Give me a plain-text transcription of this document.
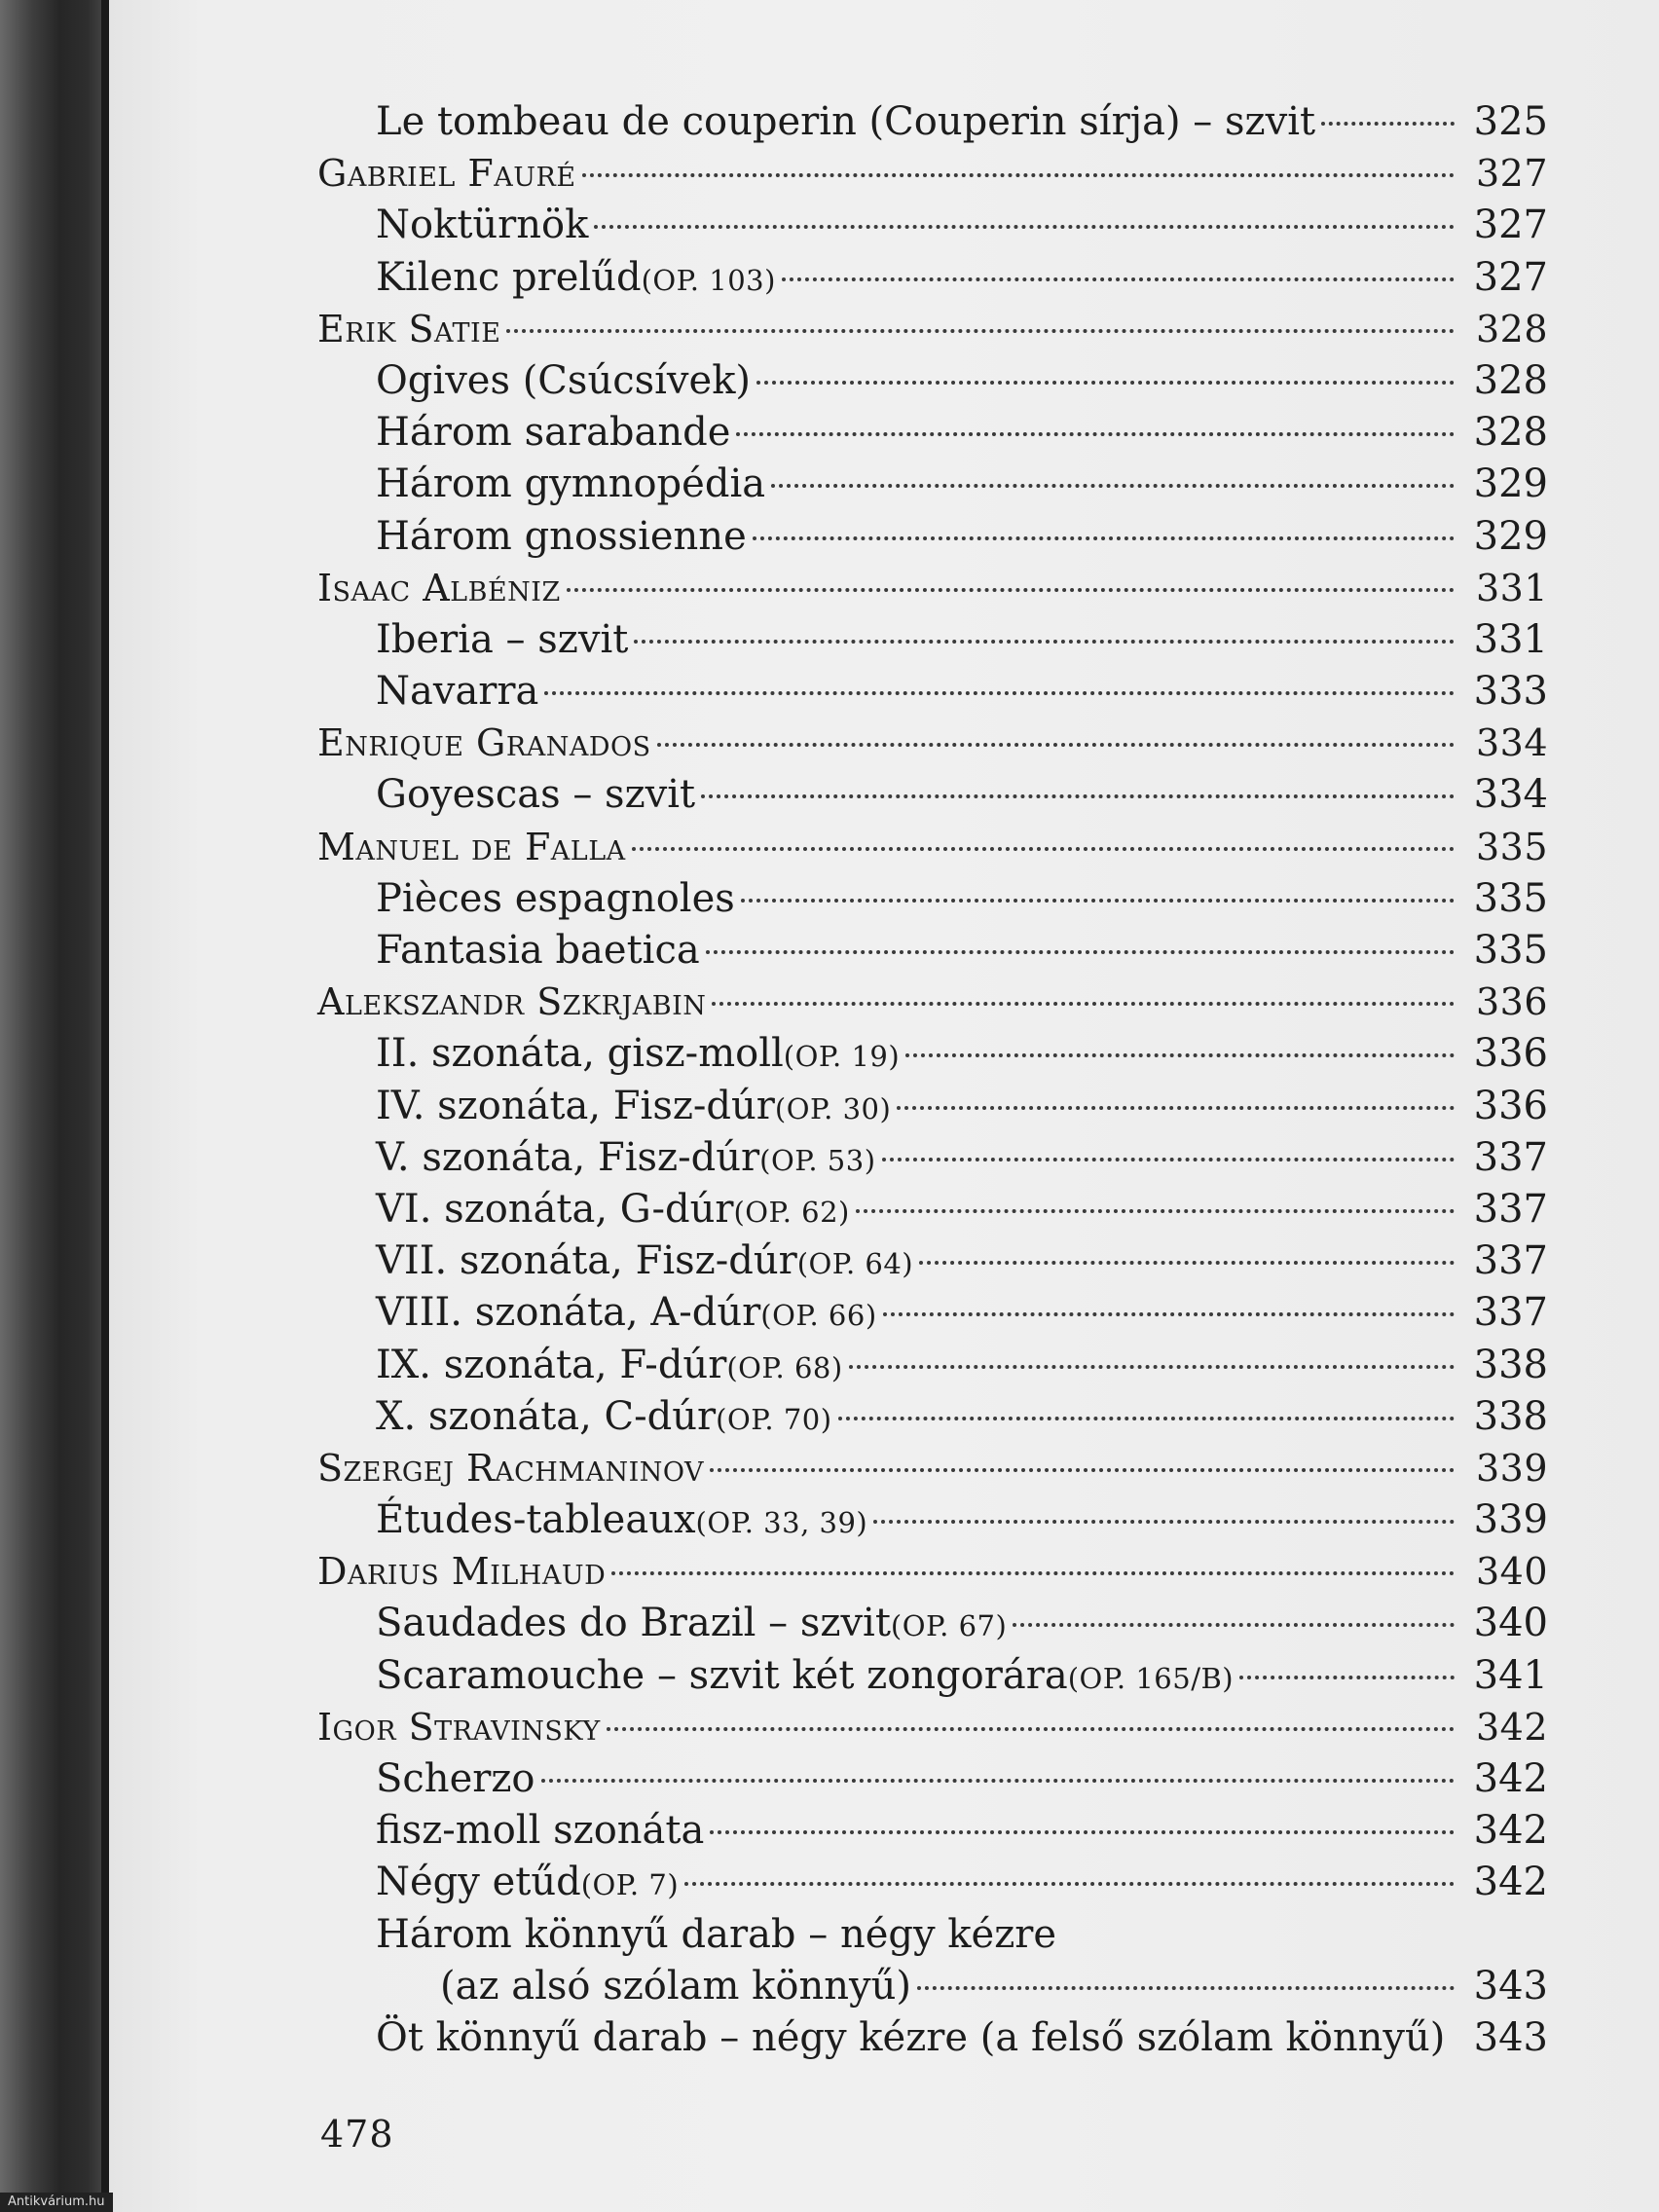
Le tombeau de couperin (Couperin sírja) – szvit	325
Gabriel Fauré	327
Noktürnök	327
Kilenc prelűd (OP. 103)	327
Erik Satie	328
Ogives (Csúcsívek)	328
Három sarabande	328
Három gymnopédia	329
Három gnossienne	329
Isaac Albéniz	331
Iberia – szvit	331
Navarra	333
Enrique Granados	334
Goyescas – szvit	334
Manuel de Falla	335
Pièces espagnoles	335
Fantasia baetica	335
Alekszandr Szkrjabin	336
II. szonáta, gisz-moll (OP. 19)	336
IV. szonáta, Fisz-dúr (OP. 30)	336
V. szonáta, Fisz-dúr (OP. 53)	337
VI. szonáta, G-dúr (OP. 62)	337
VII. szonáta, Fisz-dúr (OP. 64)	337
VIII. szonáta, A-dúr (OP. 66)	337
IX. szonáta, F-dúr (OP. 68)	338
X. szonáta, C-dúr (OP. 70)	338
Szergej Rachmaninov	339
Études-tableaux (OP. 33, 39)	339
Darius Milhaud	340
Saudades do Brazil – szvit (OP. 67)	340
Scaramouche – szvit két zongorára (OP. 165/B)	341
Igor Stravinsky	342
Scherzo	342
fisz-moll szonáta	342
Négy etűd (OP. 7)	342
Három könnyű darab – négy kézre
(az alsó szólam könnyű)	343
Öt könnyű darab – négy kézre (a felső szólam könnyű) 343
478
Antikvárium.hu
